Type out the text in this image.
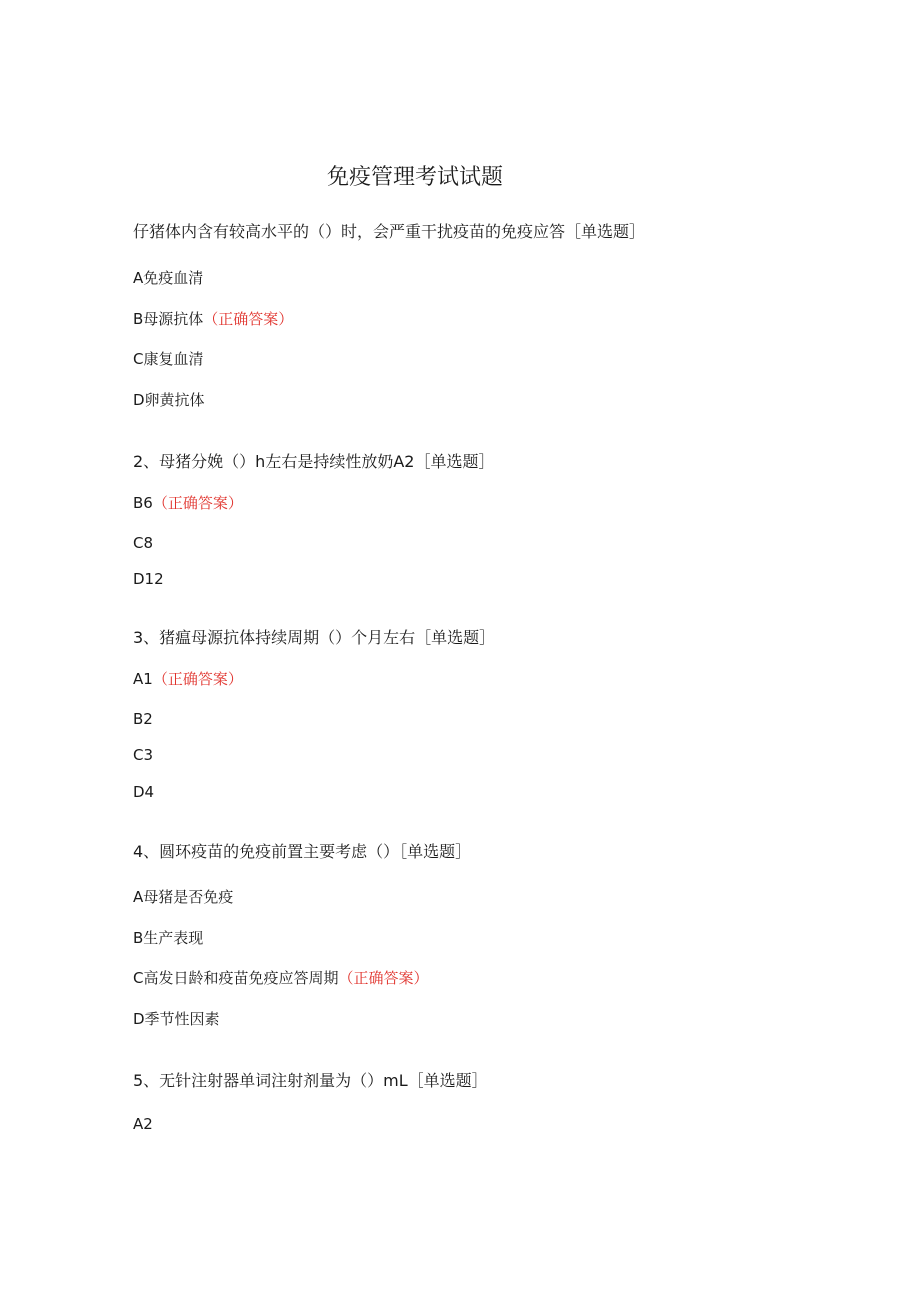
免疫管理考试试题
仔猪体内含有较高水平的（）时，会严重干扰疫苗的免疫应答［单选题］
A免疫血清
B母源抗体（正确答案）
C康复血清
D卵黄抗体
2、母猪分娩（）h左右是持续性放奶A2［单选题］
B6（正确答案）
C8
D12
3、猪瘟母源抗体持续周期（）个月左右［单选题］
A1（正确答案）
B2
C3
D4
4、圆环疫苗的免疫前置主要考虑（）［单选题］
A母猪是否免疫
B生产表现
C高发日龄和疫苗免疫应答周期（正确答案）
D季节性因素
5、无针注射器单词注射剂量为（）mL［单选题］
A2
